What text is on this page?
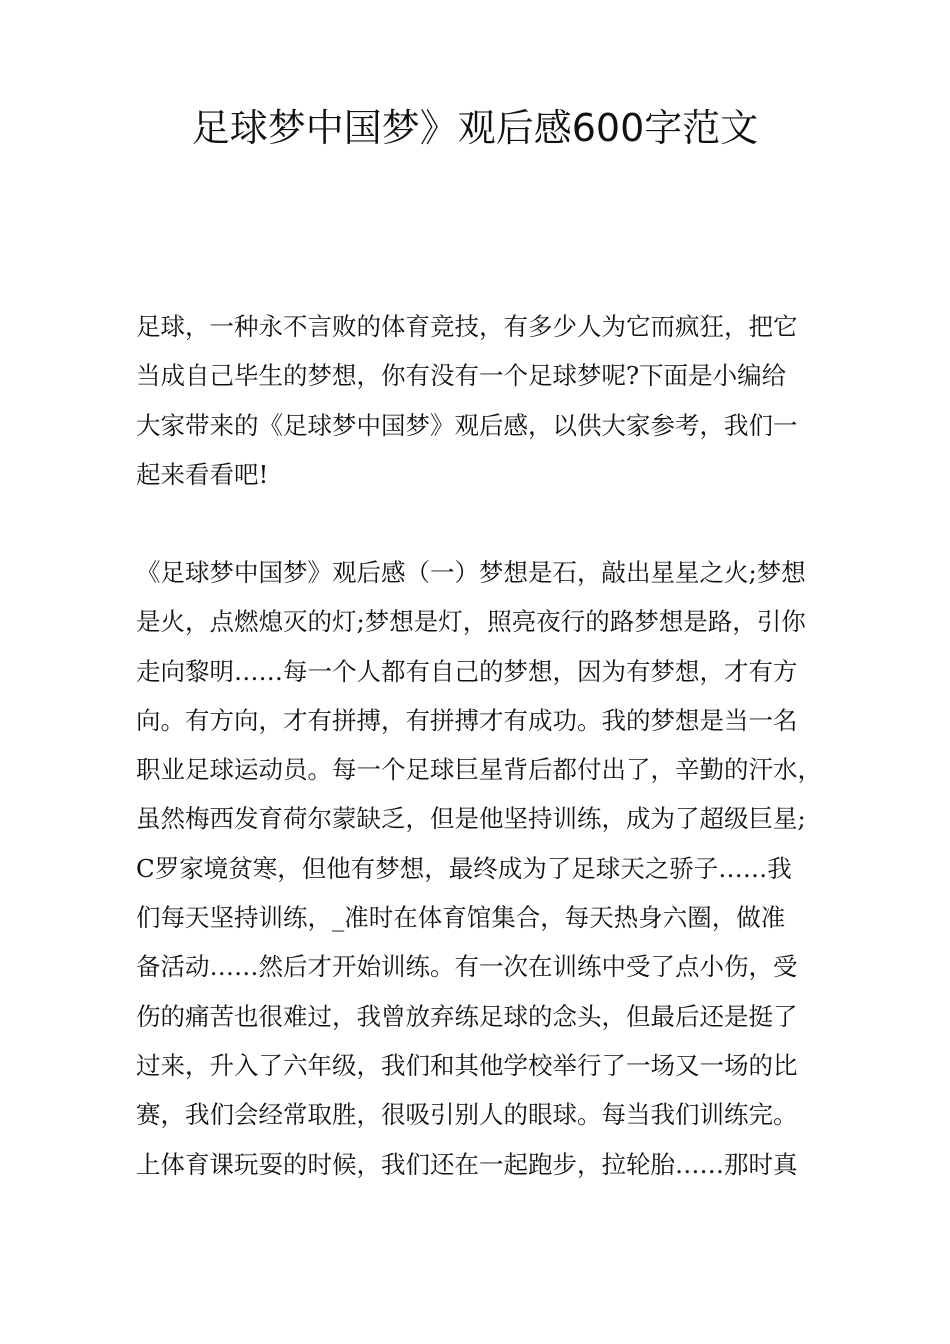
足球梦中国梦》观后感600字范文
足球，一种永不言败的体育竞技，有多少人为它而疯狂，把它
当成自己毕生的梦想，你有没有一个足球梦呢?下面是小编给
大家带来的《足球梦中国梦》观后感，以供大家参考，我们一
起来看看吧!
《足球梦中国梦》观后感（一）梦想是石，敲出星星之火;梦想
是火，点燃熄灭的灯;梦想是灯，照亮夜行的路梦想是路，引你
走向黎明……每一个人都有自己的梦想，因为有梦想，才有方
向。有方向，才有拼搏，有拼搏才有成功。我的梦想是当一名
职业足球运动员。每一个足球巨星背后都付出了，辛勤的汗水，
虽然梅西发育荷尔蒙缺乏，但是他坚持训练，成为了超级巨星;
C罗家境贫寒，但他有梦想，最终成为了足球天之骄子……我
们每天坚持训练，_准时在体育馆集合，每天热身六圈，做准
备活动……然后才开始训练。有一次在训练中受了点小伤，受
伤的痛苦也很难过，我曾放弃练足球的念头，但最后还是挺了
过来，升入了六年级，我们和其他学校举行了一场又一场的比
赛，我们会经常取胜，很吸引别人的眼球。每当我们训练完。
上体育课玩耍的时候，我们还在一起跑步，拉轮胎……那时真
